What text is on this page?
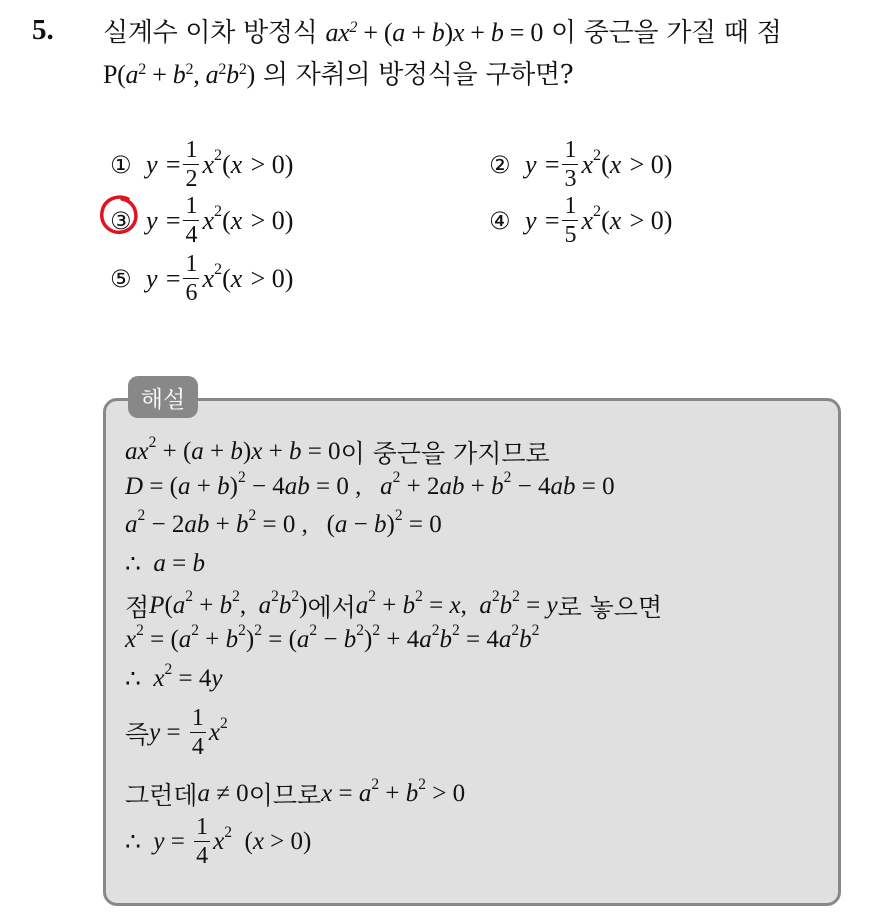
5. 실계수 이차 방정식 $ax^2 + (a + b)x + b = 0$ 이 중근을 가질 때 점
$P(a^2 + b^2$, $a^2b^2$) 의 자취의 방정식을 구하면?
① y
= $\frac{1}{2} x^2$ ( x
> 0)	② y
= $\frac{1}{3} x^2$ ( x
> 0)
③ y
= $\frac{1}{4} x^2$ ( x
> 0)	④ y
= $\frac{1}{5} x^2$ ( x
> 0)
⑤ y
= $\frac{1}{6} x^2$ ( x
> 0)
해설
$ax^2$ + ( a + b ) x + b = 0 이 중근을 가지므로
D = ( a + b )$^2$ − 4 ab = 0 , $a^2 + 2$ ab + $b^2 - 4$ ab = 0
$a^2 - 2$ ab + $b^2 = 0$ ,   ( a − b )$^2$ = 0
∴ a = b
점 P ( $a^2 + b^2$ , $a^2$ $b^2$ ) 에서 $a^2 + b^2 = x$ , $a^2$ $b^2 = y$ 로 놓으면
$x^2$ = ( $a^2 + b^2$ )$^2$ = ( $a^2 - b^2$ )$^2$ + 4 $a^2$ $b^2 = 4$ $a^2$ $b^2$
∴ $x^2 = 4$ y
즉 $y = \frac{1}{4} x^2$
그런데 a ≠ 0 이므로 $x = a^2 + b^2 > 0$
∴ $y = \frac{1}{4} x^2$ ( x > 0)
